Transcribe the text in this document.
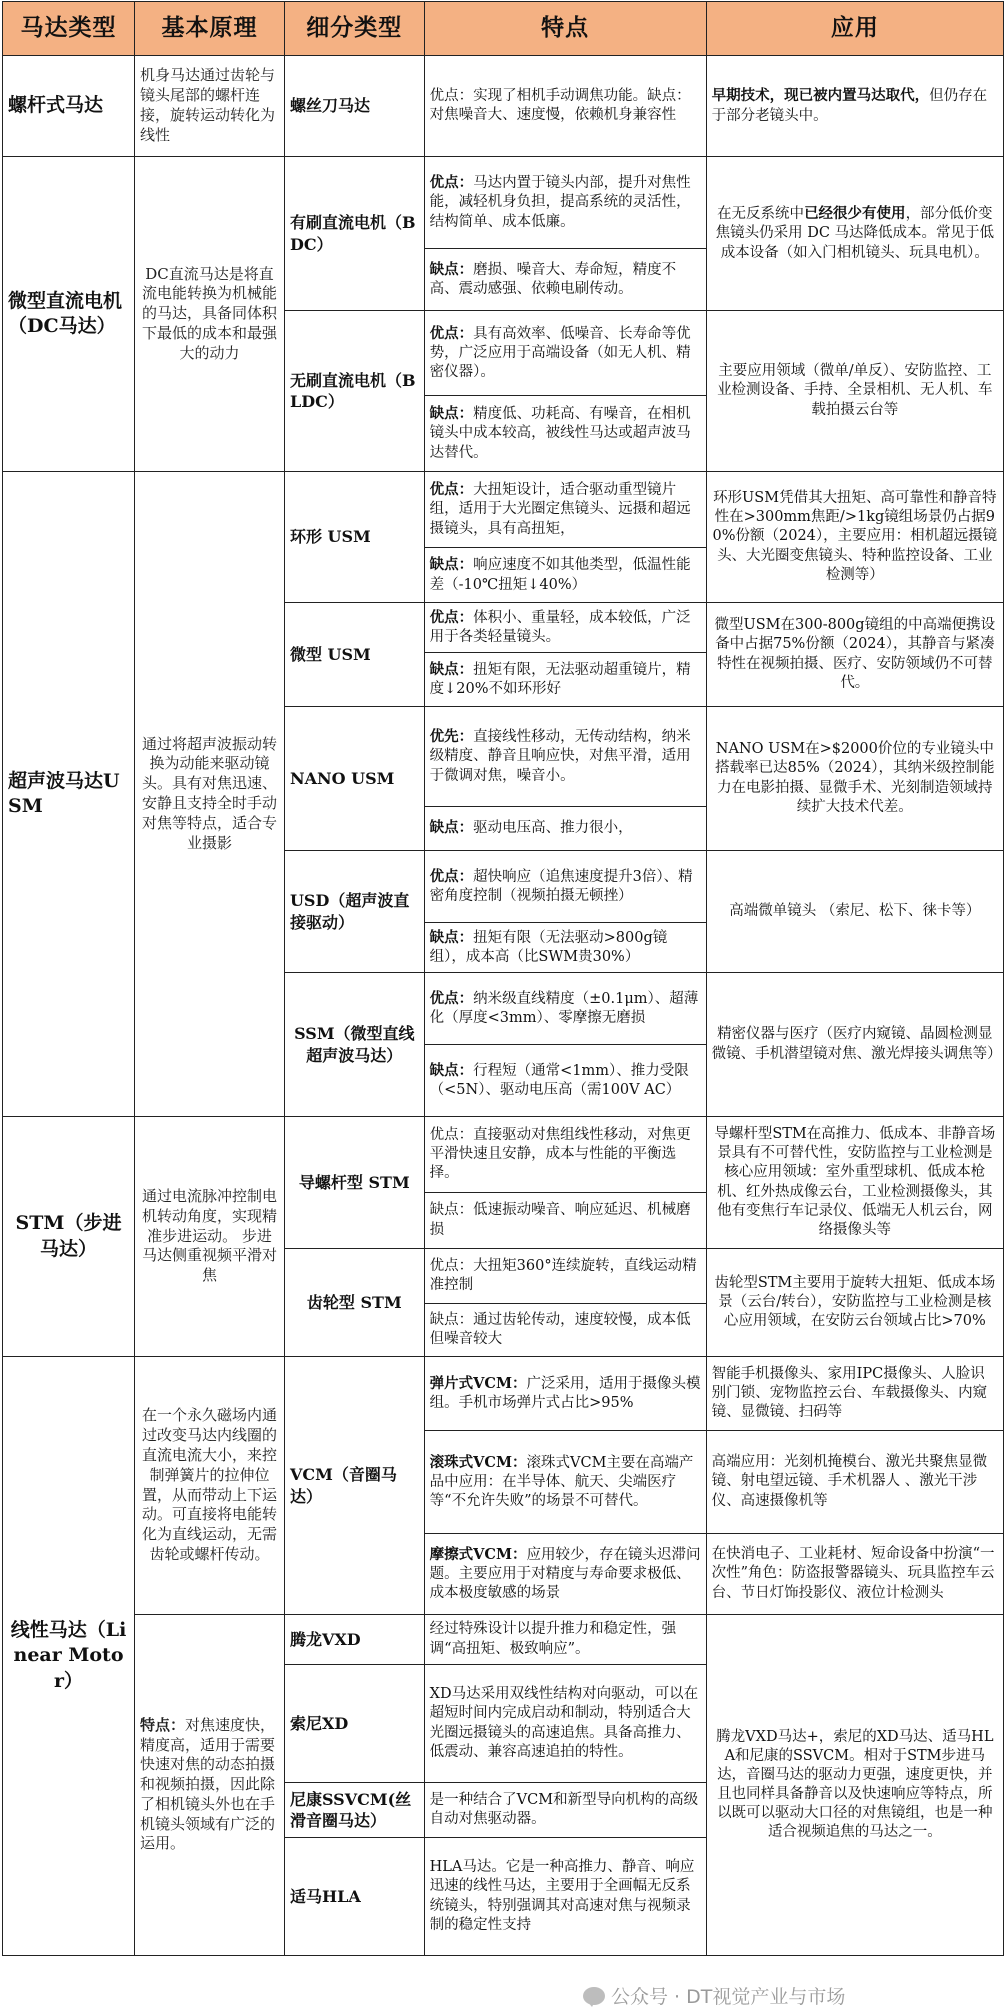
马达类型	基本原理	细分类型	特点	应用
螺杆式马达	机身马达通过齿轮与镜头尾部的螺杆连接，旋转运动转化为线性	螺丝刀马达	优点：实现了相机手动调焦功能。缺点：对焦噪音大、速度慢，依赖机身兼容性	早期技术，现已被内置马达取代，但仍存在于部分老镜头中。
微型直流电机（DC马达）	DC直流马达是将直流电能转换为机械能的马达，具备同体积下最低的成本和最强大的动力	有刷直流电机（BDC）	优点：马达内置于镜头内部，提升对焦性能，减轻机身负担，提高系统的灵活性，结构简单、成本低廉。	在无反系统中已经很少有使用，部分低价变焦镜头仍采用 DC 马达降低成本。常见于低成本设备（如入门相机镜头、玩具电机）。
			缺点：磨损、噪音大、寿命短，精度不高、震动感强、依赖电刷传动。	
		无刷直流电机（BLDC）	优点：具有高效率、低噪音、长寿命等优势，广泛应用于高端设备（如无人机、精密仪器）。	主要应用领域（微单/单反）、安防监控、工业检测设备、手持、全景相机、无人机、车载拍摄云台等
			缺点：精度低、功耗高、有噪音，在相机镜头中成本较高，被线性马达或超声波马达替代。	
超声波马达USM	通过将超声波振动转换为动能来驱动镜头。具有对焦迅速、安静且支持全时手动对焦等特点，适合专业摄影	环形 USM	优点：大扭矩设计，适合驱动重型镜片组，适用于大光圈定焦镜头、远摄和超远摄镜头，具有高扭矩，	环形USM凭借其大扭矩、高可靠性和静音特性在>300mm焦距/>1kg镜组场景仍占据90%份额（2024），主要应用：相机超远摄镜头、大光圈变焦镜头、特种监控设备、工业检测等）
			缺点：响应速度不如其他类型，低温性能差（-10℃扭矩↓40%）	
		微型 USM	优点：体积小、重量轻，成本较低，广泛用于各类轻量镜头。	微型USM在300-800g镜组的中高端便携设备中占据75%份额（2024），其静音与紧凑特性在视频拍摄、医疗、安防领域仍不可替代。
			缺点：扭矩有限，无法驱动超重镜片，精度↓20%不如环形好	
		NANO USM	优先：直接线性移动，无传动结构，纳米级精度、静音且响应快，对焦平滑，适用于微调对焦，噪音小。	NANO USM在>$2000价位的专业镜头中搭载率已达85%（2024），其纳米级控制能力在电影拍摄、显微手术、光刻制造领域持续扩大技术代差。
			缺点：驱动电压高、推力很小，	
		USD（超声波直接驱动）	优点：超快响应（追焦速度提升3倍）、精密角度控制（视频拍摄无顿挫）	高端微单镜头 （索尼、松下、徕卡等）
			缺点：扭矩有限（无法驱动>800g镜组），成本高（比SWM贵30%）	
		SSM（微型直线超声波马达）	优点：纳米级直线精度（±0.1μm）、超薄化（厚度<3mm）、零摩擦无磨损	精密仪器与医疗（医疗内窥镜、晶圆检测显微镜、手机潜望镜对焦、激光焊接头调焦等）
			缺点：行程短（通常<1mm）、推力受限（<5N）、驱动电压高（需100V AC）	
STM（步进马达）	通过电流脉冲控制电机转动角度，实现精准步进运动。 步进马达侧重视频平滑对焦	导螺杆型 STM	优点：直接驱动对焦组线性移动，对焦更平滑快速且安静，成本与性能的平衡选择。	导螺杆型STM在高推力、低成本、非静音场景具有不可替代性，安防监控与工业检测是核心应用领域：室外重型球机、低成本枪机、红外热成像云台，工业检测摄像头，其他有变焦行车记录仪、低端无人机云台，网络摄像头等
			缺点：低速振动噪音、响应延迟、机械磨损	
		齿轮型 STM	优点：大扭矩360°连续旋转，直线运动精准控制	齿轮型STM主要用于旋转大扭矩、低成本场景（云台/转台），安防监控与工业检测是核心应用领域，在安防云台领域占比>70%
			缺点：通过齿轮传动，速度较慢，成本低但噪音较大	
线性马达（Linear Motor）	在一个永久磁场内通过改变马达内线圈的直流电流大小，来控制弹簧片的拉伸位置，从而带动上下运动。可直接将电能转化为直线运动，无需齿轮或螺杆传动。	VCM（音圈马达）	弹片式VCM：广泛采用，适用于摄像头模组。手机市场弹片式占比>95%	智能手机摄像头、家用IPC摄像头、人脸识别门锁、宠物监控云台、车载摄像头、内窥镜、显微镜、扫码等
			滚珠式VCM：滚珠式VCM主要在高端产品中应用：在半导体、航天、尖端医疗等“不允许失败”的场景不可替代。	高端应用：光刻机掩模台、激光共聚焦显微镜、射电望远镜、手术机器人 、激光干涉仪、高速摄像机等
			摩擦式VCM：应用较少，存在镜头迟滞问题。主要应用于对精度与寿命要求极低、成本极度敏感的场景	在快消电子、工业耗材、短命设备中扮演“一次性”角色：防盗报警器镜头、玩具监控车云台、节日灯饰投影仪、液位计检测头
	特点：对焦速度快，精度高，适用于需要快速对焦的动态拍摄和视频拍摄，因此除了相机镜头外也在手机镜头领域有广泛的运用。	腾龙VXD	经过特殊设计以提升推力和稳定性，强调“高扭矩、极致响应”。	腾龙VXD马达+，索尼的XD马达、适马HLA和尼康的SSVCM。相对于STM步进马达，音圈马达的驱动力更强，速度更快，并且也同样具备静音以及快速响应等特点，所以既可以驱动大口径的对焦镜组，也是一种适合视频追焦的马达之一。
		索尼XD	XD马达采用双线性结构对向驱动，可以在超短时间内完成启动和制动，特别适合大光圈远摄镜头的高速追焦。具备高推力、低震动、兼容高速追拍的特性。	
		尼康SSVCM(丝滑音圈马达）	是一种结合了VCM和新型导向机构的高级自动对焦驱动器。	
		适马HLA	HLA马达。它是一种高推力、静音、响应迅速的线性马达，主要用于全画幅无反系统镜头，特别强调其对高速对焦与视频录制的稳定性支持	
公众号 · DT视觉产业与市场
